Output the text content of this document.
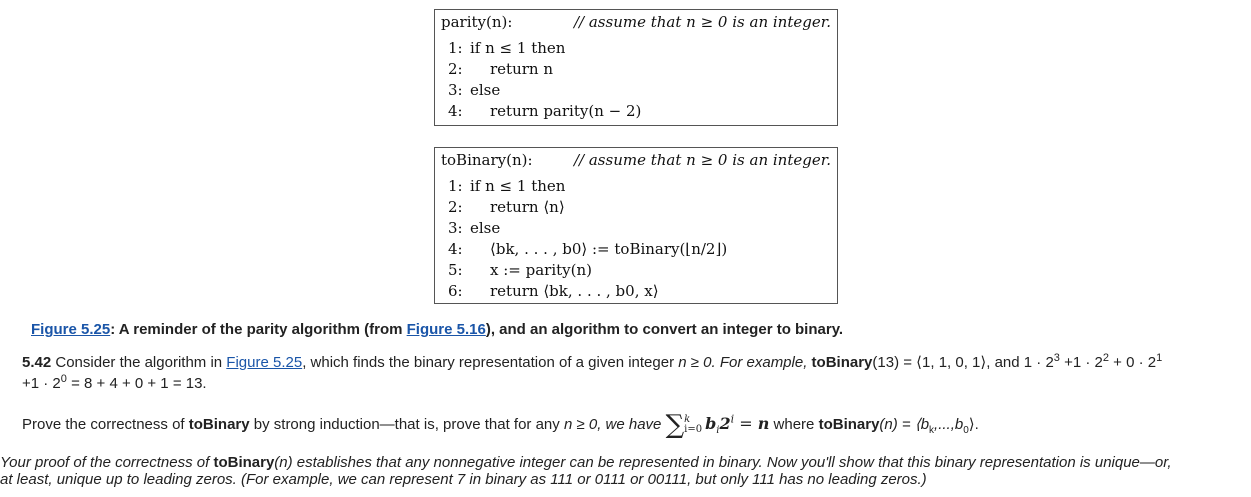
parity(n):	// assume that n ≥ 0 is an integer.
1: if n ≤ 1 then
2: return n
3: else
4: return parity(n − 2)
toBinary(n):	// assume that n ≥ 0 is an integer.
1: if n ≤ 1 then
2: return ⟨n⟩
3: else
4: ⟨bk, . . . , b0⟩ := toBinary(⌊n/2⌋)
5: x := parity(n)
6: return ⟨bk, . . . , b0, x⟩
Figure 5.25: A reminder of the parity algorithm (from Figure 5.16), and an algorithm to convert an integer to binary.
5.42 Consider the algorithm in Figure 5.25, which finds the binary representation of a given integer n ≥ 0. For example, toBinary(13) = ⟨1, 1, 0, 1⟩, and $1 \cdot 2^3 +1 \cdot 2^2 + 0 \cdot 2^1$
$+1 \cdot 2^0 = 8 + 4 + 0 + 1 = 13$.
Prove the correctness of toBinary by strong induction—that is, prove that for any n ≥ 0, we have ∑ k
i=0 $b_i2^i = n$ where toBinary(n) = $⟨b_k,...,b_0⟩$.
Your proof of the correctness of toBinary(n) establishes that any nonnegative integer can be represented in binary. Now you'll show that this binary representation is unique—or,
at least, unique up to leading zeros. (For example, we can represent 7 in binary as 111 or 0111 or 00111, but only 111 has no leading zeros.)
